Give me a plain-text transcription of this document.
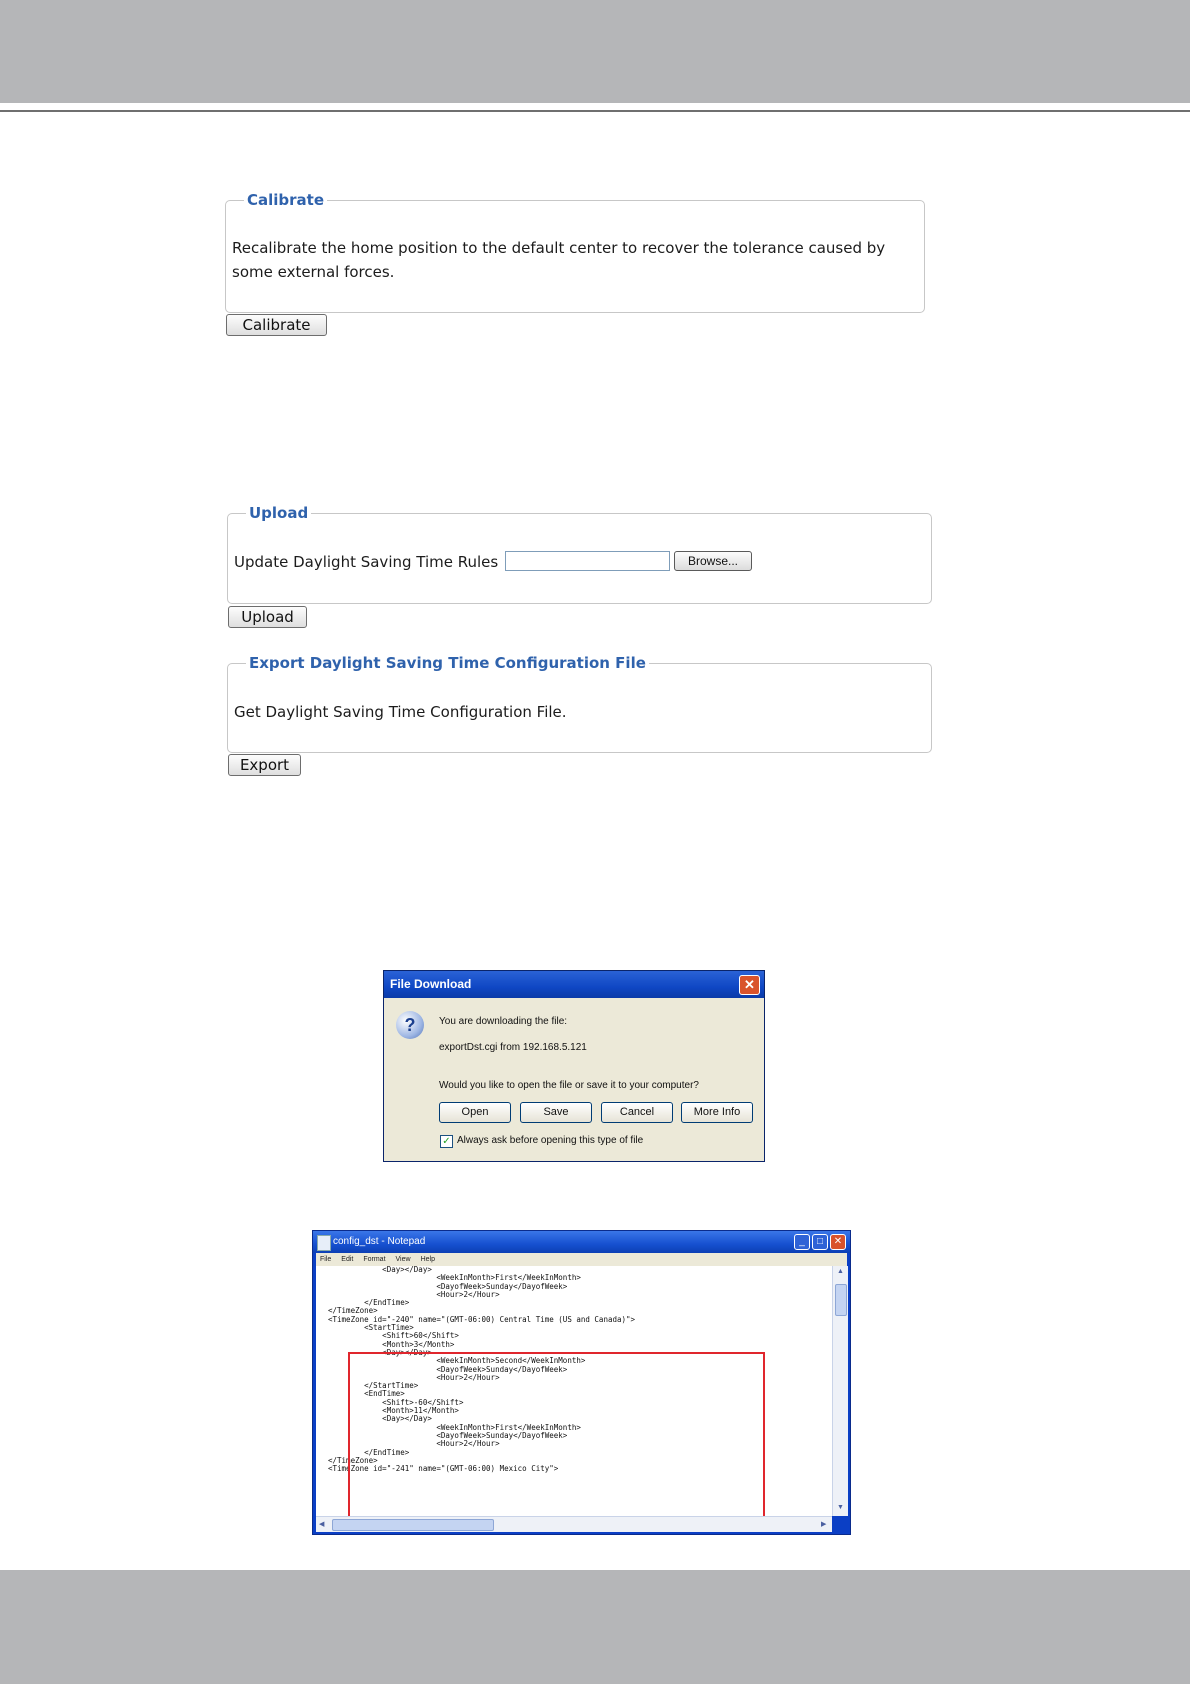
Calibrate
Recalibrate the home position to the default center to recover the tolerance caused by some external forces.
Calibrate
Upload
Update Daylight Saving Time Rules	Browse...
Upload
Export Daylight Saving Time Configuration File
Get Daylight Saving Time Configuration File.
Export
File Download	✕
?	You are downloading the file:
exportDst.cgi from 192.168.5.121
Would you like to open the file or save it to your computer?
Open	Save	Cancel	More Info
✓ Always ask before opening this type of file
config_dst - Notepad	_	□	✕
File Edit Format View Help
<Day></Day>
<WeekInMonth>First</WeekInMonth>
<DayofWeek>Sunday</DayofWeek>
<Hour>2</Hour>
</EndTime>
</TimeZone>
<TimeZone id="-240" name="(GMT-06:00) Central Time (US and Canada)">
<StartTime>
<Shift>60</Shift>
<Month>3</Month>
<Day></Day>
<WeekInMonth>Second</WeekInMonth>
<DayofWeek>Sunday</DayofWeek>
<Hour>2</Hour>
</StartTime>
<EndTime>
<Shift>-60</Shift>
<Month>11</Month>
<Day></Day>
<WeekInMonth>First</WeekInMonth>
<DayofWeek>Sunday</DayofWeek>
<Hour>2</Hour>
</EndTime>
</TimeZone>
<TimeZone id="-241" name="(GMT-06:00) Mexico City">
▲
▼
◀	▶
